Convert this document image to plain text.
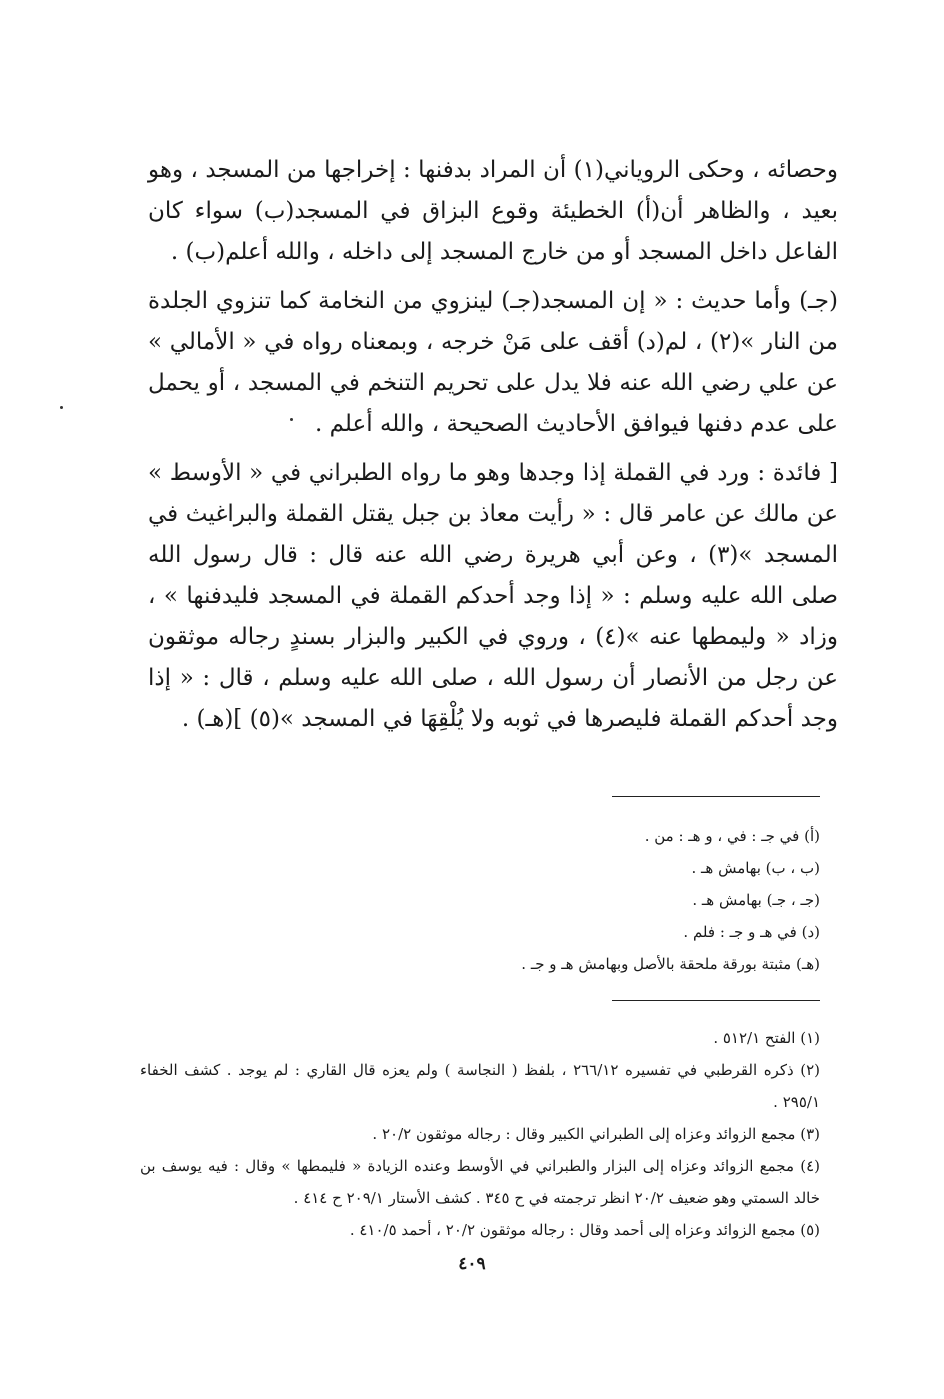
وحصائه ، وحكى الروياني(١) أن المراد بدفنها : إخراجها من المسجد ، وهو بعيد ، والظاهر أن(أ) الخطيئة وقوع البزاق في المسجد(ب) سواء كان الفاعل داخل المسجد أو من خارج المسجد إلى داخله ، والله أعلم(ب) .

(جـ) وأما حديث : « إن المسجد(جـ) لينزوي من النخامة كما تنزوي الجلدة من النار »(٢) ، لم(د) أقف على مَنْ خرجه ، وبمعناه رواه في « الأمالي » عن علي رضي الله عنه فلا يدل على تحريم التنخم في المسجد ، أو يحمل على عدم دفنها فيوافق الأحاديث الصحيحة ، والله أعلم .

[ فائدة : ورد في القملة إذا وجدها وهو ما رواه الطبراني في « الأوسط » عن مالك عن عامر قال : « رأيت معاذ بن جبل يقتل القملة والبراغيث في المسجد »(٣) ، وعن أبي هريرة رضي الله عنه قال : قال رسول الله صلى الله عليه وسلم : « إذا وجد أحدكم القملة في المسجد فليدفنها » ، وزاد « وليمطها عنه »(٤) ، وروي في الكبير والبزار بسندٍ رجاله موثقون عن رجل من الأنصار أن رسول الله ، صلى الله عليه وسلم ، قال : « إذا وجد أحدكم القملة فليصرها في ثوبه ولا يُلْقِهَا في المسجد »(٥) ](هـ) .

(أ) في جـ : في ، و هـ : من .

(ب ، ب) بهامش هـ .

(جـ ، جـ) بهامش هـ .

(د) في هـ و جـ : فلم .

(هـ) مثبتة بورقة ملحقة بالأصل وبهامش هـ و جـ .

(١) الفتح ٥١٢/١ .

(٢) ذكره القرطبي في تفسيره ٢٦٦/١٢ ، بلفظ ( النجاسة ) ولم يعزه قال القاري : لم يوجد . كشف الخفاء ٢٩٥/١ .

(٣) مجمع الزوائد وعزاه إلى الطبراني الكبير وقال : رجاله موثقون ٢٠/٢ .

(٤) مجمع الزوائد وعزاه إلى البزار والطبراني في الأوسط وعنده الزيادة « فليمطها » وقال : فيه يوسف بن خالد السمتي وهو ضعيف ٢٠/٢ انظر ترجمته في ح ٣٤٥ . كشف الأستار ٢٠٩/١ ح ٤١٤ .

(٥) مجمع الزوائد وعزاه إلى أحمد وقال : رجاله موثقون ٢٠/٢ ، أحمد ٤١٠/٥ .

٤٠٩
